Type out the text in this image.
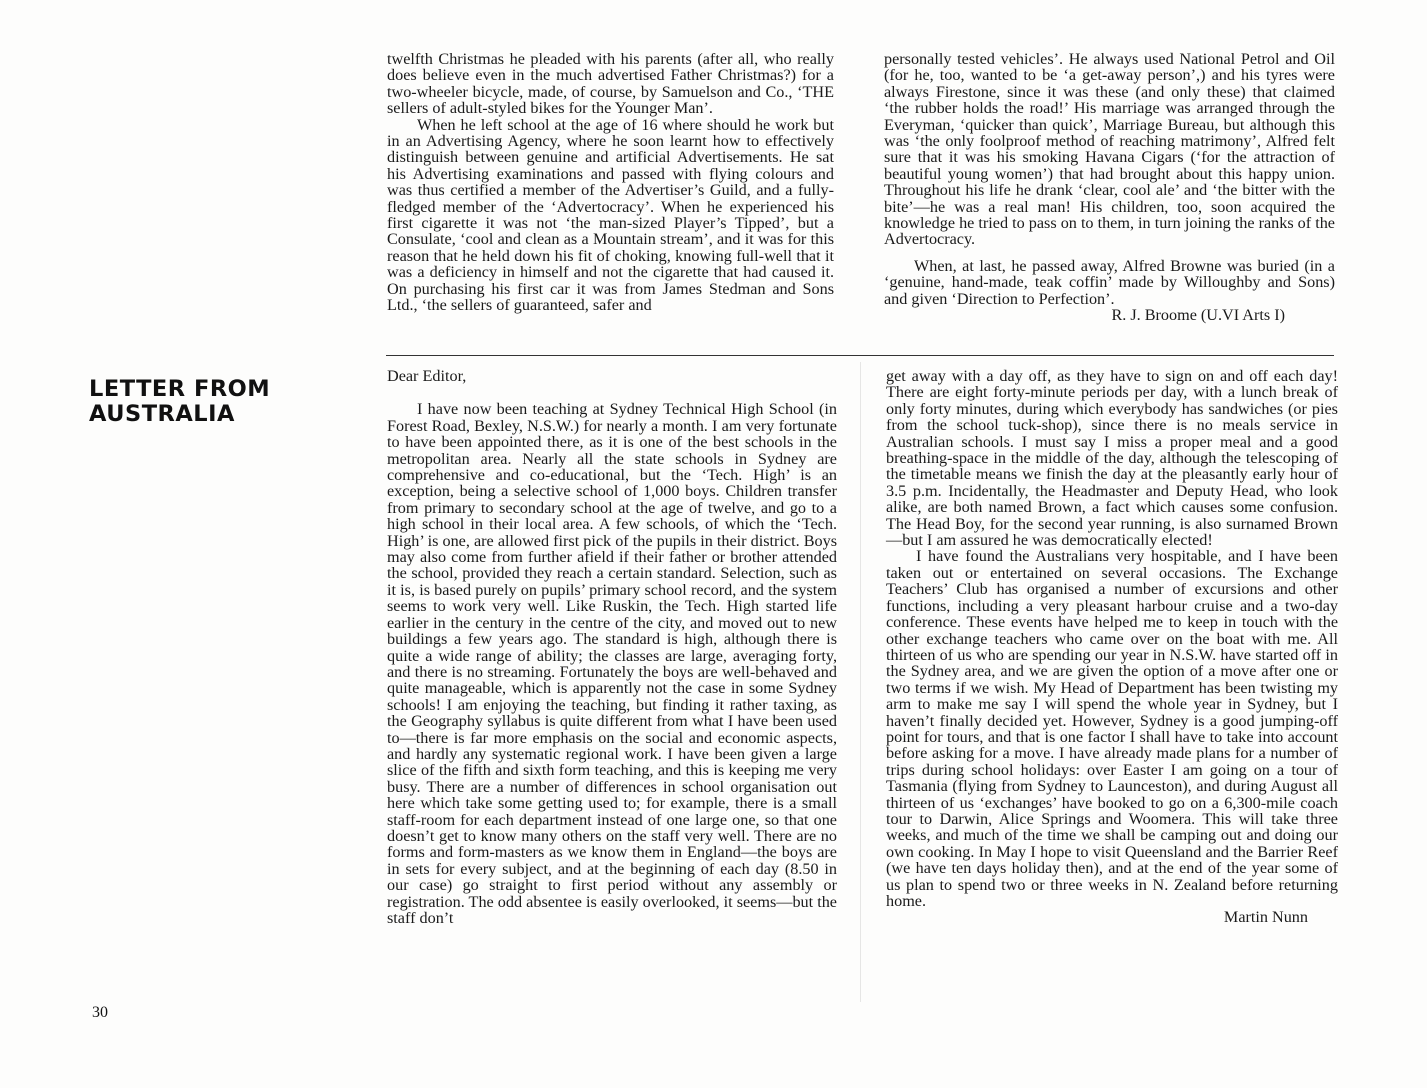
twelfth Christmas he pleaded with his parents (after all, who really does believe even in the much advertised Father Christmas?) for a two-wheeler bicycle, made, of course, by Samuelson and Co., ‘THE sellers of adult-styled bikes for the Younger Man’.

When he left school at the age of 16 where should he work but in an Advertising Agency, where he soon learnt how to effectively distinguish between genuine and artificial Advertisements. He sat his Advertising examinations and passed with flying colours and was thus certified a member of the Advertiser’s Guild, and a fully-fledged member of the ‘Advertocracy’. When he experienced his first cigarette it was not ‘the man-sized Player’s Tipped’, but a Consulate, ‘cool and clean as a Mountain stream’, and it was for this reason that he held down his fit of choking, knowing full-well that it was a deficiency in himself and not the cigarette that had caused it. On purchasing his first car it was from James Stedman and Sons Ltd., ‘the sellers of guaranteed, safer and

personally tested vehicles’. He always used National Petrol and Oil (for he, too, wanted to be ‘a get-away person’,) and his tyres were always Firestone, since it was these (and only these) that claimed ‘the rubber holds the road!’ His marriage was arranged through the Everyman, ‘quicker than quick’, Marriage Bureau, but although this was ‘the only foolproof method of reaching matrimony’, Alfred felt sure that it was his smoking Havana Cigars (‘for the attraction of beautiful young women’) that had brought about this happy union. Throughout his life he drank ‘clear, cool ale’ and ‘the bitter with the bite’—he was a real man! His children, too, soon acquired the knowledge he tried to pass on to them, in turn joining the ranks of the Advertocracy.

When, at last, he passed away, Alfred Browne was buried (in a ‘genuine, hand-made, teak coffin’ made by Willoughby and Sons) and given ‘Direction to Perfection’.

R. J. Broome (U.VI Arts I)

LETTER FROM
AUSTRALIA

Dear Editor,

I have now been teaching at Sydney Technical High School (in Forest Road, Bexley, N.S.W.) for nearly a month. I am very fortunate to have been appointed there, as it is one of the best schools in the metropolitan area. Nearly all the state schools in Sydney are comprehensive and co-educational, but the ‘Tech. High’ is an exception, being a selective school of 1,000 boys. Children transfer from primary to secondary school at the age of twelve, and go to a high school in their local area. A few schools, of which the ‘Tech. High’ is one, are allowed first pick of the pupils in their district. Boys may also come from further afield if their father or brother attended the school, provided they reach a certain standard. Selection, such as it is, is based purely on pupils’ primary school record, and the system seems to work very well. Like Ruskin, the Tech. High started life earlier in the century in the centre of the city, and moved out to new buildings a few years ago. The standard is high, although there is quite a wide range of ability; the classes are large, averaging forty, and there is no streaming. Fortunately the boys are well-behaved and quite manageable, which is apparently not the case in some Sydney schools! I am enjoying the teaching, but finding it rather taxing, as the Geography syllabus is quite different from what I have been used to—there is far more emphasis on the social and economic aspects, and hardly any systematic regional work. I have been given a large slice of the fifth and sixth form teaching, and this is keeping me very busy. There are a number of differences in school organisation out here which take some getting used to; for example, there is a small staff-room for each department instead of one large one, so that one doesn’t get to know many others on the staff very well. There are no forms and form-masters as we know them in England—the boys are in sets for every subject, and at the beginning of each day (8.50 in our case) go straight to first period without any assembly or registration. The odd absentee is easily overlooked, it seems—but the staff don’t

get away with a day off, as they have to sign on and off each day! There are eight forty-minute periods per day, with a lunch break of only forty minutes, during which everybody has sandwiches (or pies from the school tuck-shop), since there is no meals service in Australian schools. I must say I miss a proper meal and a good breathing-space in the middle of the day, although the telescoping of the timetable means we finish the day at the pleasantly early hour of 3.5 p.m. Incidentally, the Headmaster and Deputy Head, who look alike, are both named Brown, a fact which causes some confusion. The Head Boy, for the second year running, is also surnamed Brown—but I am assured he was democratically elected!

I have found the Australians very hospitable, and I have been taken out or entertained on several occasions. The Exchange Teachers’ Club has organised a number of excursions and other functions, including a very pleasant harbour cruise and a two-day conference. These events have helped me to keep in touch with the other exchange teachers who came over on the boat with me. All thirteen of us who are spending our year in N.S.W. have started off in the Sydney area, and we are given the option of a move after one or two terms if we wish. My Head of Department has been twisting my arm to make me say I will spend the whole year in Sydney, but I haven’t finally decided yet. However, Sydney is a good jumping-off point for tours, and that is one factor I shall have to take into account before asking for a move. I have already made plans for a number of trips during school holidays: over Easter I am going on a tour of Tasmania (flying from Sydney to Launceston), and during August all thirteen of us ‘exchanges’ have booked to go on a 6,300-mile coach tour to Darwin, Alice Springs and Woomera. This will take three weeks, and much of the time we shall be camping out and doing our own cooking. In May I hope to visit Queensland and the Barrier Reef (we have ten days holiday then), and at the end of the year some of us plan to spend two or three weeks in N. Zealand before returning home.

Martin Nunn

30
